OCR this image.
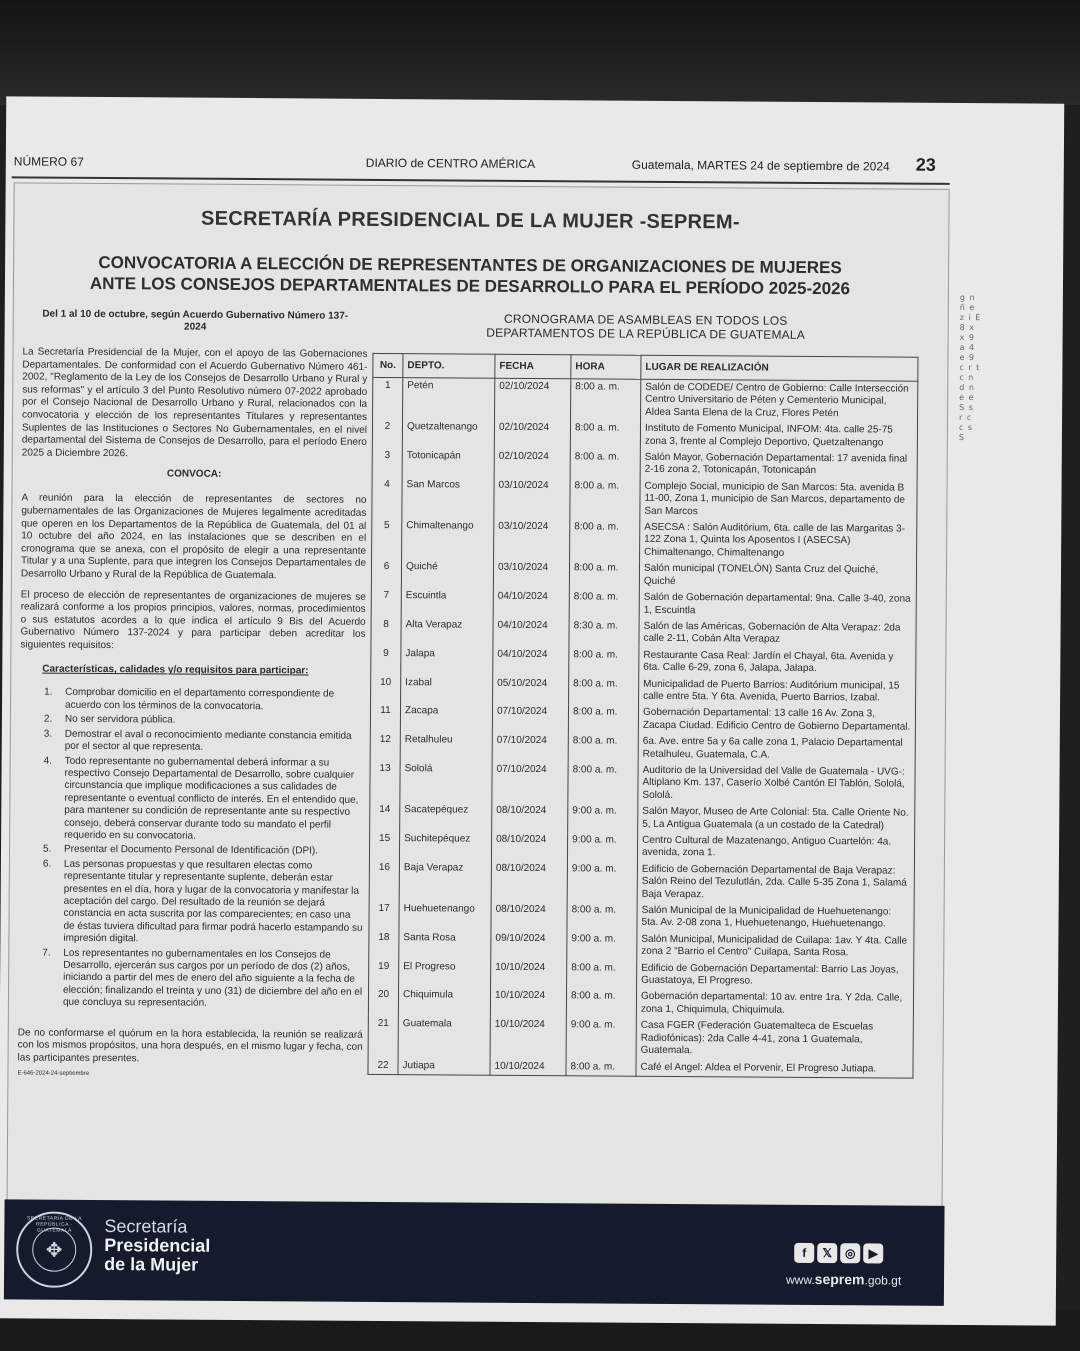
NÚMERO 67	DIARIO de CENTRO AMÉRICA	Guatemala, MARTES 24 de septiembre de 2024 23
g n ñ e z i E 8 x x 9 a 4 e 9 c r t c n d n e e S s r c c s S
SECRETARÍA PRESIDENCIAL DE LA MUJER -SEPREM-
CONVOCATORIA A ELECCIÓN DE REPRESENTANTES DE ORGANIZACIONES DE MUJERES
ANTE LOS CONSEJOS DEPARTAMENTALES DE DESARROLLO PARA EL PERÍODO 2025-2026
Del 1 al 10 de octubre, según Acuerdo Gubernativo Número 137-2024

La Secretaría Presidencial de la Mujer, con el apoyo de las Gobernaciones Departamentales. De conformidad con el Acuerdo Gubernativo Número 461-2002, "Reglamento de la Ley de los Consejos de Desarrollo Urbano y Rural y sus reformas" y el artículo 3 del Punto Resolutivo número 07-2022 aprobado por el Consejo Nacional de Desarrollo Urbano y Rural, relacionados con la convocatoria y elección de los representantes Titulares y representantes Suplentes de las Instituciones o Sectores No Gubernamentales, en el nivel departamental del Sistema de Consejos de Desarrollo, para el período Enero 2025 a Diciembre 2026.

CONVOCA:

A reunión para la elección de representantes de sectores no gubernamentales de las Organizaciones de Mujeres legalmente acreditadas que operen en los Departamentos de la República de Guatemala, del 01 al 10 octubre del año 2024, en las instalaciones que se describen en el cronograma que se anexa, con el propósito de elegir a una representante Titular y a una Suplente, para que integren los Consejos Departamentales de Desarrollo Urbano y Rural de la República de Guatemala.

El proceso de elección de representantes de organizaciones de mujeres se realizará conforme a los propios principios, valores, normas, procedimientos o sus estatutos acordes a lo que indica el artículo 9 Bis del Acuerdo Gubernativo Número 137-2024 y para participar deben acreditar los siguientes requisitos:

Características, calidades y/o requisitos para participar:
1.	Comprobar domicilio en el departamento correspondiente de acuerdo con los términos de la convocatoria.
2.	No ser servidora pública.
3.	Demostrar el aval o reconocimiento mediante constancia emitida por el sector al que representa.
4.	Todo representante no gubernamental deberá informar a su respectivo Consejo Departamental de Desarrollo, sobre cualquier circunstancia que implique modificaciones a sus calidades de representante o eventual conflicto de interés. En el entendido que, para mantener su condición de representante ante su respectivo consejo, deberá conservar durante todo su mandato el perfil requerido en su convocatoria.
5.	Presentar el Documento Personal de Identificación (DPI).
6.	Las personas propuestas y que resultaren electas como representante titular y representante suplente, deberán estar presentes en el día, hora y lugar de la convocatoria y manifestar la aceptación del cargo. Del resultado de la reunión se dejará constancia en acta suscrita por las comparecientes; en caso una de éstas tuviera dificultad para firmar podrá hacerlo estampando su impresión digital.
7.	Los representantes no gubernamentales en los Consejos de Desarrollo, ejercerán sus cargos por un período de dos (2) años, iniciando a partir del mes de enero del año siguiente a la fecha de elección; finalizando el treinta y uno (31) de diciembre del año en el que concluya su representación.

De no conformarse el quórum en la hora establecida, la reunión se realizará con los mismos propósitos, una hora después, en el mismo lugar y fecha, con las participantes presentes.

E-646-2024-24-septiembre
CRONOGRAMA DE ASAMBLEAS EN TODOS LOS
DEPARTAMENTOS DE LA REPÚBLICA DE GUATEMALA
No.	DEPTO.	FECHA	HORA	LUGAR DE REALIZACIÓN
1	Petén	02/10/2024	8:00 a. m.	Salón de CODEDE/ Centro de Gobierno: Calle Intersección Centro Universitario de Péten y Cementerio Municipal, Aldea Santa Elena de la Cruz, Flores Petén
2	Quetzaltenango	02/10/2024	8:00 a. m.	Instituto de Fomento Municipal, INFOM: 4ta. calle 25-75 zona 3, frente al Complejo Deportivo, Quetzaltenango
3	Totonicapán	02/10/2024	8:00 a. m.	Salón Mayor, Gobernación Departamental: 17 avenida final 2-16 zona 2, Totonicapán, Totonicapán
4	San Marcos	03/10/2024	8:00 a. m.	Complejo Social, municipio de San Marcos: 5ta. avenida B 11-00, Zona 1, municipio de San Marcos, departamento de San Marcos
5	Chimaltenango	03/10/2024	8:00 a. m.	ASECSA : Salón Auditórium, 6ta. calle de las Margaritas 3-122 Zona 1, Quinta los Aposentos I (ASECSA) Chimaltenango, Chimaltenango
6	Quiché	03/10/2024	8:00 a. m.	Salón municipal (TONELÓN) Santa Cruz del Quiché, Quiché
7	Escuintla	04/10/2024	8:00 a. m.	Salón de Gobernación departamental: 9na. Calle 3-40, zona 1, Escuintla
8	Alta Verapaz	04/10/2024	8:30 a. m.	Salón de las Américas, Gobernación de Alta Verapaz: 2da calle 2-11, Cobán Alta Verapaz
9	Jalapa	04/10/2024	8:00 a. m.	Restaurante Casa Real: Jardín el Chayal, 6ta. Avenida y 6ta. Calle 6-29, zona 6, Jalapa, Jalapa.
10	Izabal	05/10/2024	8:00 a. m.	Municipalidad de Puerto Barrios: Auditórium municipal, 15 calle entre 5ta. Y 6ta. Avenida, Puerto Barrios, Izabal.
11	Zacapa	07/10/2024	8:00 a. m.	Gobernación Departamental: 13 calle 16 Av. Zona 3, Zacapa Ciudad. Edificio Centro de Gobierno Departamental.
12	Retalhuleu	07/10/2024	8:00 a. m.	6a. Ave. entre 5a y 6a calle zona 1, Palacio Departamental Retalhuleu, Guatemala, C.A.
13	Sololá	07/10/2024	8:00 a. m.	Auditorio de la Universidad del Valle de Guatemala - UVG-: Altiplano Km. 137, Caserío Xolbé Cantón El Tablón, Sololá, Sololá.
14	Sacatepéquez	08/10/2024	9:00 a. m.	Salón Mayor, Museo de Arte Colonial: 5ta. Calle Oriente No. 5, La Antigua Guatemala (a un costado de la Catedral)
15	Suchitepéquez	08/10/2024	9:00 a. m.	Centro Cultural de Mazatenango, Antiguo Cuartelón: 4a. avenida, zona 1.
16	Baja Verapaz	08/10/2024	9:00 a. m.	Edificio de Gobernación Departamental de Baja Verapaz: Salón Reino del Tezulutlán, 2da. Calle 5-35 Zona 1, Salamá Baja Verapaz.
17	Huehuetenango	08/10/2024	8:00 a. m.	Salón Municipal de la Municipalidad de Huehuetenango: 5ta. Av. 2-08 zona 1, Huehuetenango, Huehuetenango.
18	Santa Rosa	09/10/2024	9:00 a. m.	Salón Municipal, Municipalidad de Cuilapa: 1av. Y 4ta. Calle zona 2 "Barrio el Centro" Cuilapa, Santa Rosa.
19	El Progreso	10/10/2024	8:00 a. m.	Edificio de Gobernación Departamental: Barrio Las Joyas, Guastatoya, El Progreso.
20	Chiquimula	10/10/2024	8:00 a. m.	Gobernación departamental: 10 av. entre 1ra. Y 2da. Calle, zona 1, Chiquimula, Chiquimula.
21	Guatemala	10/10/2024	9:00 a. m.	Casa FGER (Federación Guatemalteca de Escuelas Radiofónicas): 2da Calle 4-41, zona 1 Guatemala, Guatemala.
22	Jutiapa	10/10/2024	8:00 a. m.	Café el Angel: Aldea el Porvenir, El Progreso Jutiapa.
SECRETARÍA DE LA REPÚBLICA · GUATEMALA
✥
Secretaría
Presidencial
de la Mujer
f	𝕏	◎	▶
www.seprem.gob.gt
